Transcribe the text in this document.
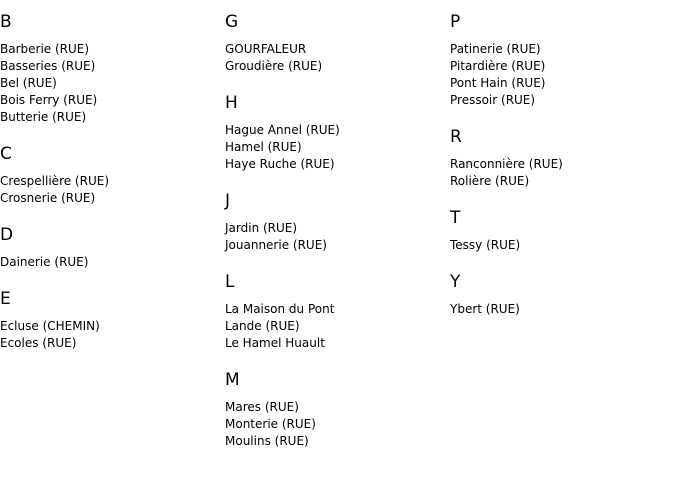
B
Barberie (RUE)
Basseries (RUE)
Bel (RUE)
Bois Ferry (RUE)
Butterie (RUE)
C
Crespellière (RUE)
Crosnerie (RUE)
D
Dainerie (RUE)
E
Ecluse (CHEMIN)
Ecoles (RUE)
G
GOURFALEUR
Groudière (RUE)
H
Hague Annel (RUE)
Hamel (RUE)
Haye Ruche (RUE)
J
Jardin (RUE)
Jouannerie (RUE)
L
La Maison du Pont
Lande (RUE)
Le Hamel Huault
M
Mares (RUE)
Monterie (RUE)
Moulins (RUE)
P
Patinerie (RUE)
Pitardière (RUE)
Pont Hain (RUE)
Pressoir (RUE)
R
Ranconnière (RUE)
Rolière (RUE)
T
Tessy (RUE)
Y
Ybert (RUE)
